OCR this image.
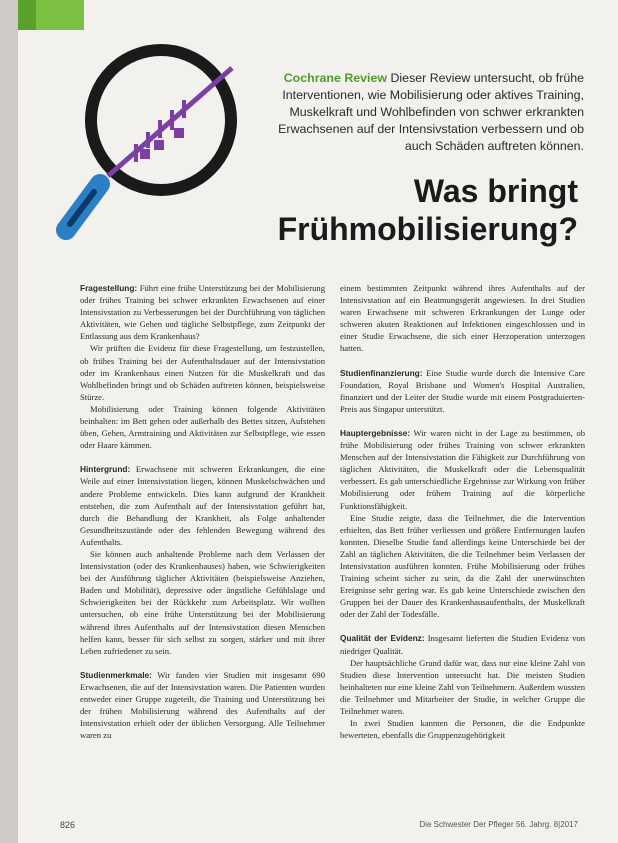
Cochrane Review Dieser Review untersucht, ob frühe Interventionen, wie Mobilisierung oder aktives Training, Muskelkraft und Wohlbefinden von schwer erkrankten Erwachsenen auf der Intensivstation verbessern und ob auch Schäden auftreten können.
Was bringt
Frühmobilisierung?

Fragestellung: Führt eine frühe Unterstützung bei der Mobilisierung oder frühes Training bei schwer erkrankten Erwachsenen auf einer Intensivstation zu Verbesserungen bei der Durchführung von täglichen Aktivitäten, wie Gehen und tägliche Selbstpflege, zum Zeitpunkt der Entlassung aus dem Krankenhaus?

Wir prüften die Evidenz für diese Fragestellung, um festzustellen, ob frühes Training bei der Aufenthaltsdauer auf der Intensivstation oder im Krankenhaus einen Nutzen für die Muskelkraft und das Wohlbefinden bringt und ob Schäden auftreten können, beispielsweise Stürze.

Mobilisierung oder Training können folgende Aktivitäten beinhalten: im Bett gehen oder außerhalb des Bettes sitzen, Aufstehen üben, Gehen, Armtraining und Aktivitäten zur Selbstpflege, wie essen oder Haare kämmen.

Hintergrund: Erwachsene mit schweren Erkrankungen, die eine Weile auf einer Intensivstation liegen, können Muskelschwächen und andere Probleme entwickeln. Dies kann aufgrund der Krankheit entstehen, die zum Aufenthalt auf der Intensivstation geführt hat, durch die Behandlung der Krankheit, als Folge anhaltender Gesundheitszustände oder des fehlenden Bewegung während des Aufenthalts.

Sie können auch anhaltende Probleme nach dem Verlassen der Intensivstation (oder des Krankenhauses) haben, wie Schwierigkeiten bei der Ausführung täglicher Aktivitäten (beispielsweise Anziehen, Baden und Mobilität), depressive oder ängstliche Gefühlslage und Schwierigkeiten bei der Rückkehr zum Arbeitsplatz. Wir wollten untersuchen, ob eine frühe Unterstützung bei der Mobilisierung während ihres Aufenthalts auf der Intensivstation diesen Menschen helfen kann, besser für sich selbst zu sorgen, stärker und mit ihrer Leben zufriedener zu sein.

Studienmerkmale: Wir fanden vier Studien mit insgesamt 690 Erwachsenen, die auf der Intensivstation waren. Die Patienten wurden entweder einer Gruppe zugeteilt, die Training und Unterstützung bei der frühen Mobilisierung während des Aufenthalts auf der Intensivstation erhielt oder der üblichen Versorgung. Alle Teilnehmer waren zu

einem bestimmten Zeitpunkt während ihres Aufenthalts auf der Intensivstation auf ein Beatmungsgerät angewiesen. In drei Studien waren Erwachsene mit schweren Erkrankungen der Lunge oder schweren akuten Reaktionen auf Infektionen eingeschlossen und in einer Studie Erwachsene, die sich einer Herzoperation unterzogen hatten.

Studienfinanzierung: Eine Studie wurde durch die Intensive Care Foundation, Royal Brisbane und Women's Hospital Australien, finanziert und der Leiter der Studie wurde mit einem Postgraduierten-Preis aus Singapur unterstützt.

Hauptergebnisse: Wir waren nicht in der Lage zu bestimmen, ob frühe Mobilisierung oder frühes Training von schwer erkrankten Menschen auf der Intensivstation die Fähigkeit zur Durchführung von täglichen Aktivitäten, die Muskelkraft oder die Lebensqualität verbessert. Es gab unterschiedliche Ergebnisse zur Wirkung von früher Mobilisierung oder frühem Training auf die körperliche Funktionsfähigkeit.

Eine Studie zeigte, dass die Teilnehmer, die die Intervention erhielten, das Bett früher verliessen und größere Entfernungen laufen konnten. Dieselbe Studie fand allerdings keine Unterschiede bei der Zahl an täglichen Aktivitäten, die die Teilnehmer beim Verlassen der Intensivstation ausführen konnten. Frühe Mobilisierung oder frühes Training scheint sicher zu sein, da die Zahl der unerwünschten Ereignisse sehr gering war. Es gab keine Unterschiede zwischen den Gruppen bei der Dauer des Krankenhausaufenthalts, der Muskelkraft oder der Zahl der Todesfälle.

Qualität der Evidenz: Insgesamt lieferten die Studien Evidenz von niedriger Qualität.

Der hauptsächliche Grund dafür war, dass nur eine kleine Zahl von Studien diese Intervention untersucht hat. Die meisten Studien beinhalteten nur eine kleine Zahl von Teilnehmern. Außerdem wussten die Teilnehmer und Mitarbeiter der Studie, in welcher Gruppe die Teilnehmer waren.

In zwei Studien kannten die Personen, die die Endpunkte bewerteten, ebenfalls die Gruppenzugehörigkeit

826	Die Schwester Der Pfleger 56. Jahrg. 8|2017
